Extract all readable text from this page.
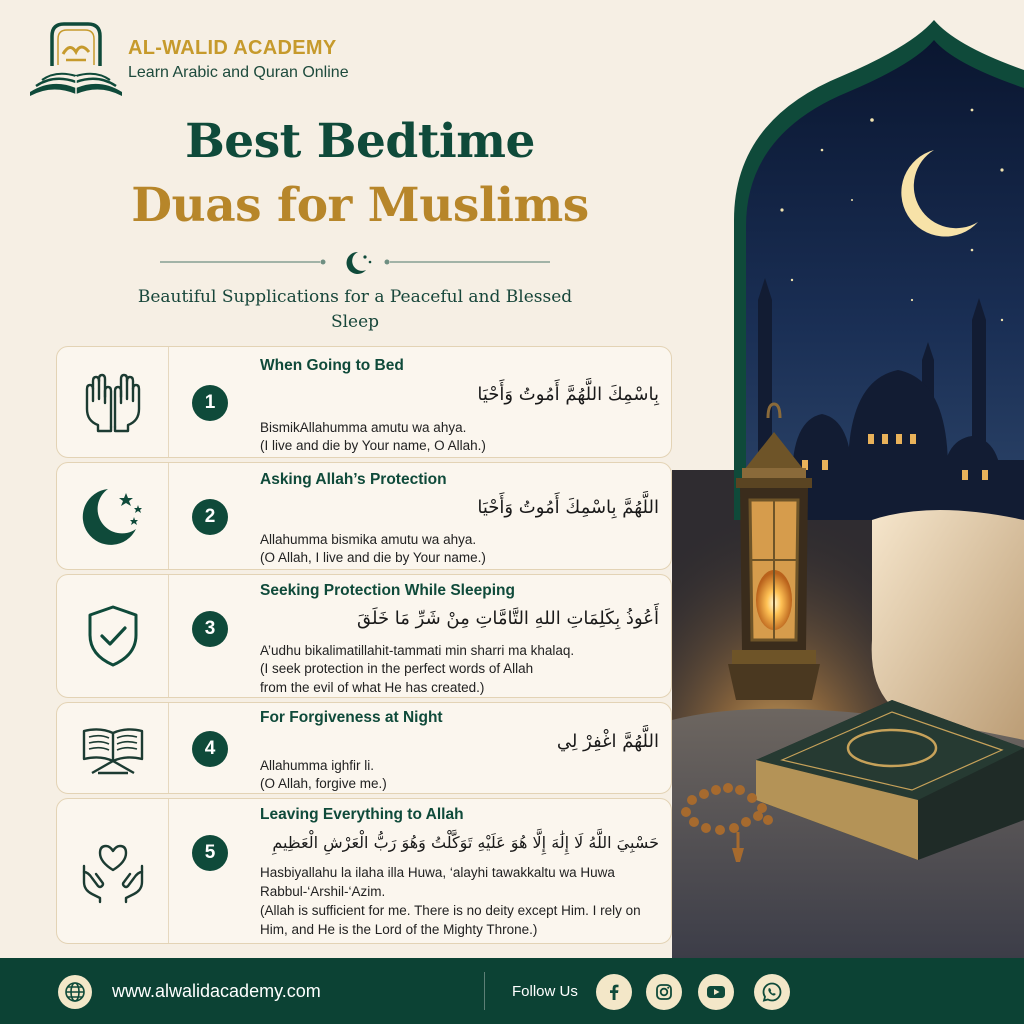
AL-WALID ACADEMY
Learn Arabic and Quran Online
Best Bedtime
Duas for Muslims
Beautiful Supplications for a Peaceful and Blessed Sleep
1
When Going to Bed
بِاسْمِكَ اللَّهُمَّ أَمُوتُ وَأَحْيَا
BismikAllahumma amutu wa ahya.
(I live and die by Your name, O Allah.)
2
Asking Allah’s Protection
اللَّهُمَّ بِاسْمِكَ أَمُوتُ وَأَحْيَا
Allahumma bismika amutu wa ahya.
(O Allah, I live and die by Your name.)
3
Seeking Protection While Sleeping
أَعُوذُ بِكَلِمَاتِ اللهِ التَّامَّاتِ مِنْ شَرِّ مَا خَلَقَ
A’udhu bikalimatillahit-tammati min sharri ma khalaq.
(I seek protection in the perfect words of Allah from the evil of what He has created.)
4
For Forgiveness at Night
اللَّهُمَّ اغْفِرْ لِي
Allahumma ighfir li.
(O Allah, forgive me.)
5
Leaving Everything to Allah
حَسْبِيَ اللَّهُ لَا إِلَٰهَ إِلَّا هُوَ عَلَيْهِ تَوَكَّلْتُ وَهُوَ رَبُّ الْعَرْشِ الْعَظِيمِ
Hasbiyallahu la ilaha illa Huwa, ‘alayhi tawakkaltu wa Huwa Rabbul-‘Arshil-‘Azim.
(Allah is sufficient for me. There is no deity except Him. I rely on Him, and He is the Lord of the Mighty Throne.)
www.alwalidacademy.com	Follow Us
